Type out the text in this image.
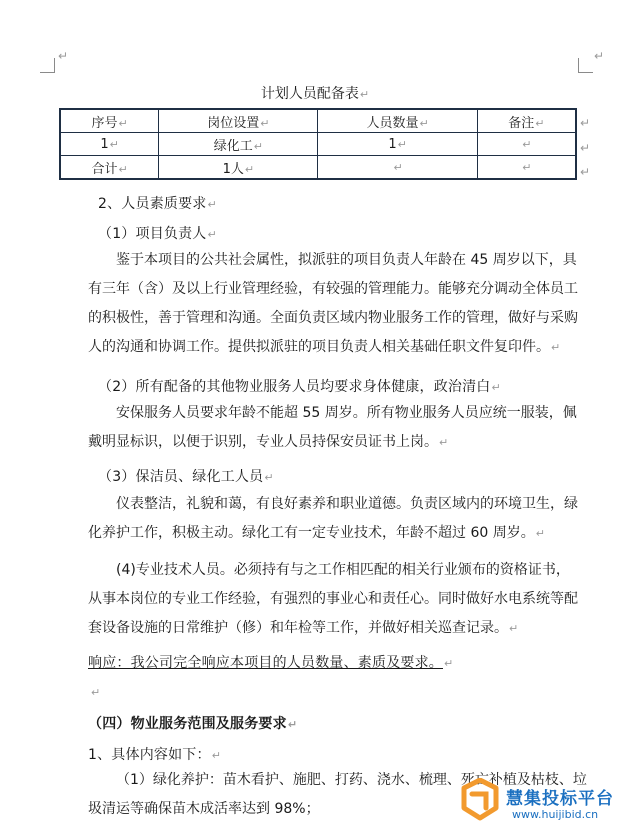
↵	↵
计划人员配备表↵
序号↵	岗位设置↵	人员数量↵	备注↵
1↵	绿化工↵	1↵	↵
合计↵	1人↵	↵	↵
↵
↵
↵
2、人员素质要求↵
（1）项目负责人↵
鉴于本项目的公共社会属性，拟派驻的项目负责人年龄在 45 周岁以下，具
有三年（含）及以上行业管理经验，有较强的管理能力。能够充分调动全体员工
的积极性，善于管理和沟通。全面负责区域内物业服务工作的管理，做好与采购
人的沟通和协调工作。提供拟派驻的项目负责人相关基础任职文件复印件。↵
（2）所有配备的其他物业服务人员均要求身体健康，政治清白↵
安保服务人员要求年龄不能超 55 周岁。所有物业服务人员应统一服装，佩
戴明显标识，以便于识别，专业人员持保安员证书上岗。↵
（3）保洁员、绿化工人员↵
仪表整洁，礼貌和蔼，有良好素养和职业道德。负责区域内的环境卫生，绿
化养护工作，积极主动。绿化工有一定专业技术，年龄不超过 60 周岁。↵
(4)专业技术人员。必须持有与之工作相匹配的相关行业颁布的资格证书，
从事本岗位的专业工作经验，有强烈的事业心和责任心。同时做好水电系统等配
套设备设施的日常维护（修）和年检等工作，并做好相关巡查记录。↵
响应：我公司完全响应本项目的人员数量、素质及要求。↵
↵
（四）物业服务范围及服务要求↵
1、具体内容如下：↵
（1）绿化养护：苗木看护、施肥、打药、浇水、梳理、死亡补植及枯枝、垃
圾清运等确保苗木成活率达到 98%；	慧集投标平台
www.huijibid.cn
